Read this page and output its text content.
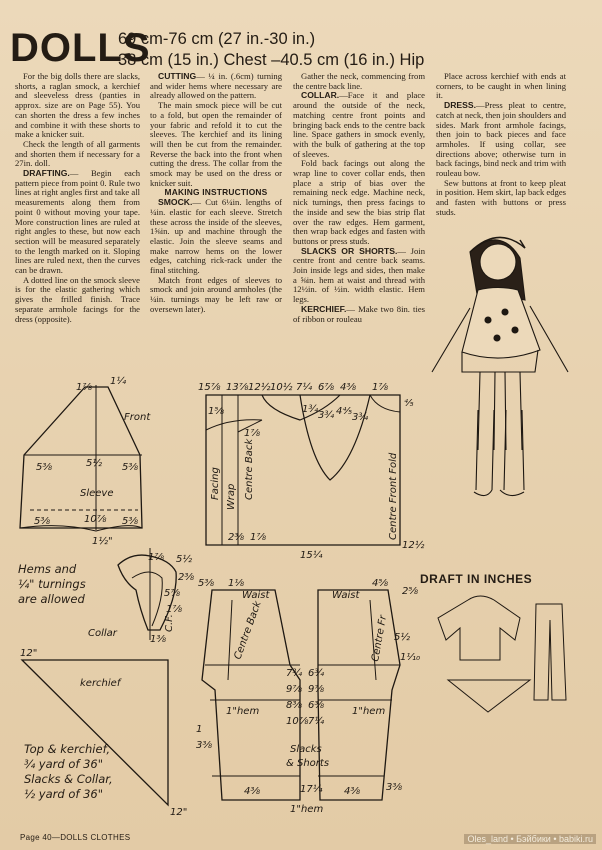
DOLLS
69 cm-76 cm (27 in.-30 in.)
38 cm (15 in.) Chest –40.5 cm (16 in.) Hip

For the big dolls there are slacks, shorts, a raglan smock, a kerchief and sleeveless dress (panties in approx. size are on Page 55). You can shorten the dress a few inches and combine it with these shorts to make a knicker suit.

Check the length of all garments and shorten them if necessary for a 27in. doll.

DRAFTING.— Begin each pattern piece from point 0. Rule two lines at right angles first and take all measurements along them from point 0 without moving your tape. More construction lines are ruled at right angles to these, but now each section will be measured separately to the length marked on it. Sloping lines are ruled next, then the curves can be drawn.

A dotted line on the smock sleeve is for the elastic gathering which gives the frilled finish. Trace separate armhole facings for the dress (opposite).

CUTTING— ¼ in. (.6cm) turning and wider hems where necessary are already allowed on the pattern.

The main smock piece will be cut to a fold, but open the remainder of your fabric and refold it to cut the sleeves. The kerchief and its lining will then be cut from the remainder. Reverse the back into the front when cutting the dress. The collar from the smock may be used on the dress or knicker suit.

MAKING INSTRUCTIONS

SMOCK.— Cut 6¼in. lengths of ¼in. elastic for each sleeve. Stretch these across the inside of the sleeves, 1⅝in. up and machine through the elastic. Join the sleeve seams and make narrow hems on the lower edges, catching rick-rack under the final stitching.

Match front edges of sleeves to smock and join around armholes (the ¼in. turnings may be left raw or oversewn later).

Gather the neck, commencing from the centre back line.

COLLAR.—Face it and place around the outside of the neck, matching centre front points and bringing back ends to the centre back line. Space gathers in smock evenly, with the bulk of gathering at the top of sleeves.

Fold back facings out along the wrap line to cover collar ends, then place a strip of bias over the remaining neck edge. Machine neck, nick turnings, then press facings to the inside and sew the bias strip flat over the raw edges. Hem garment, then wrap back edges and fasten with buttons or press studs.

SLACKS OR SHORTS.— Join centre front and centre back seams. Join inside legs and sides, then make a ⅝in. hem at waist and thread with 12½in. of ½in. width elastic. Hem legs.

KERCHIEF.— Make two 8in. ties of ribbon or rouleau

Place across kerchief with ends at corners, to be caught in when lining it.

DRESS.—Press pleat to centre, catch at neck, then join shoulders and sides. Mark front armhole facings, then join to back pieces and face armholes. If using collar, see directions above; otherwise turn in back facings, bind neck and trim with rouleau bow.

Sew buttons at front to keep pleat in position. Hem skirt, lap back edges and fasten with buttons or press studs.

1⅞
1¼
Front
5⅜	5½ 5⅜
Sleeve
5⅜	10⅞ 5⅜
1½"
15⅞ 13⅞ 12½ 10½ 7¼ 6⅞ 4⅜ 1⅞
⅘
1¾
3¾ 4⅘
3¾
1⅝
1⅞
2⅜ 1⅞
15¼
12½
Facing Wrap Centre Back	Centre Front Fold
1⅞ 5½
2⅜
5⅞
1⅞
1⅜
Collar
C.F.
kerchief
12"
12"
5⅜ 1⅛
Waist	Waist
4⅝
2⅝
1⅒
5½
7¾ 6¾
9⅞ 9⅞
8⅜ 6⅜
10⅞ 7¼
1"hem	1"hem
Slacks
& Shorts
1
3⅜
4⅜	17¼ 4⅜
1"hem
3⅜
Centre Back	Centre Fr
Hems and
¼" turnings
are allowed
Top & kerchief,
¾ yard of 36"
Slacks & Collar,
½ yard of 36"
DRAFT IN INCHES
Page 40—DOLLS CLOTHES	Oles_land • Бэйбики • babiki.ru
